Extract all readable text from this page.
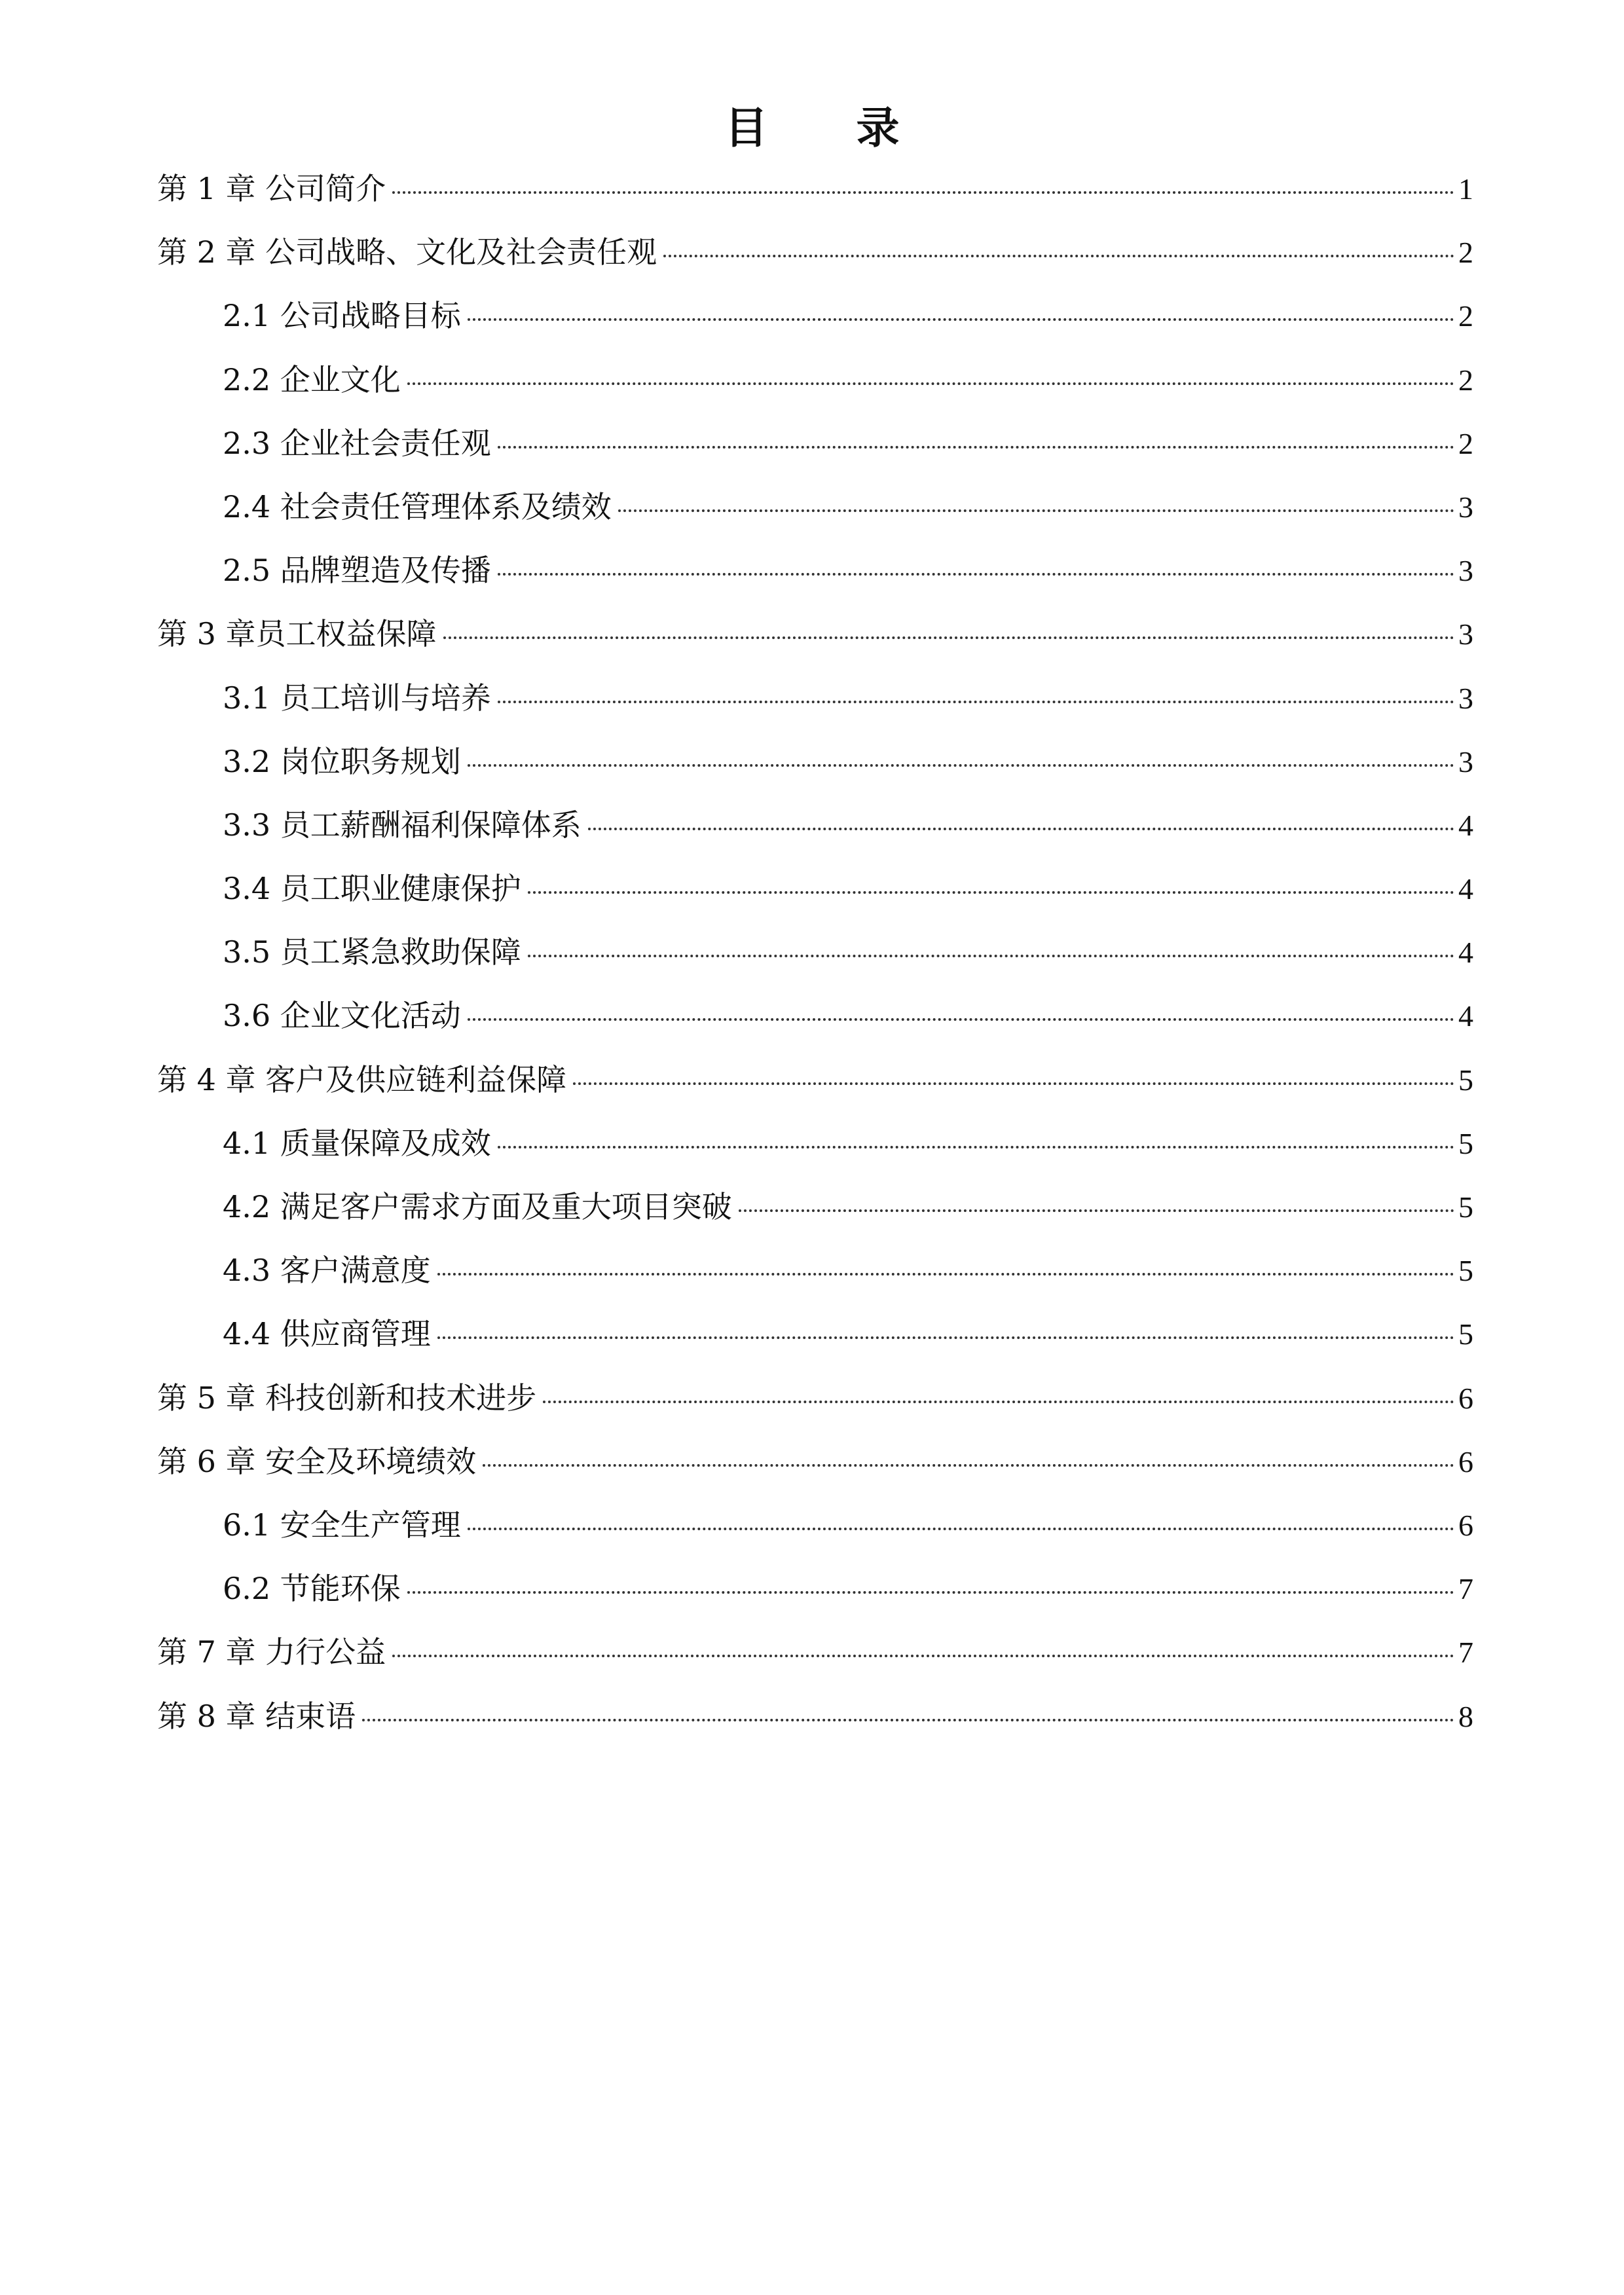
目 录
第 1 章 公司简介	1
第 2 章 公司战略、文化及社会责任观	2
2.1 公司战略目标	2
2.2 企业文化	2
2.3 企业社会责任观	2
2.4 社会责任管理体系及绩效	3
2.5 品牌塑造及传播	3
第 3 章员工权益保障	3
3.1 员工培训与培养	3
3.2 岗位职务规划	3
3.3 员工薪酬福利保障体系	4
3.4 员工职业健康保护	4
3.5 员工紧急救助保障	4
3.6 企业文化活动	4
第 4 章 客户及供应链利益保障	5
4.1 质量保障及成效	5
4.2 满足客户需求方面及重大项目突破	5
4.3 客户满意度	5
4.4 供应商管理	5
第 5 章 科技创新和技术进步	6
第 6 章 安全及环境绩效	6
6.1 安全生产管理	6
6.2 节能环保	7
第 7 章 力行公益	7
第 8 章 结束语	8
